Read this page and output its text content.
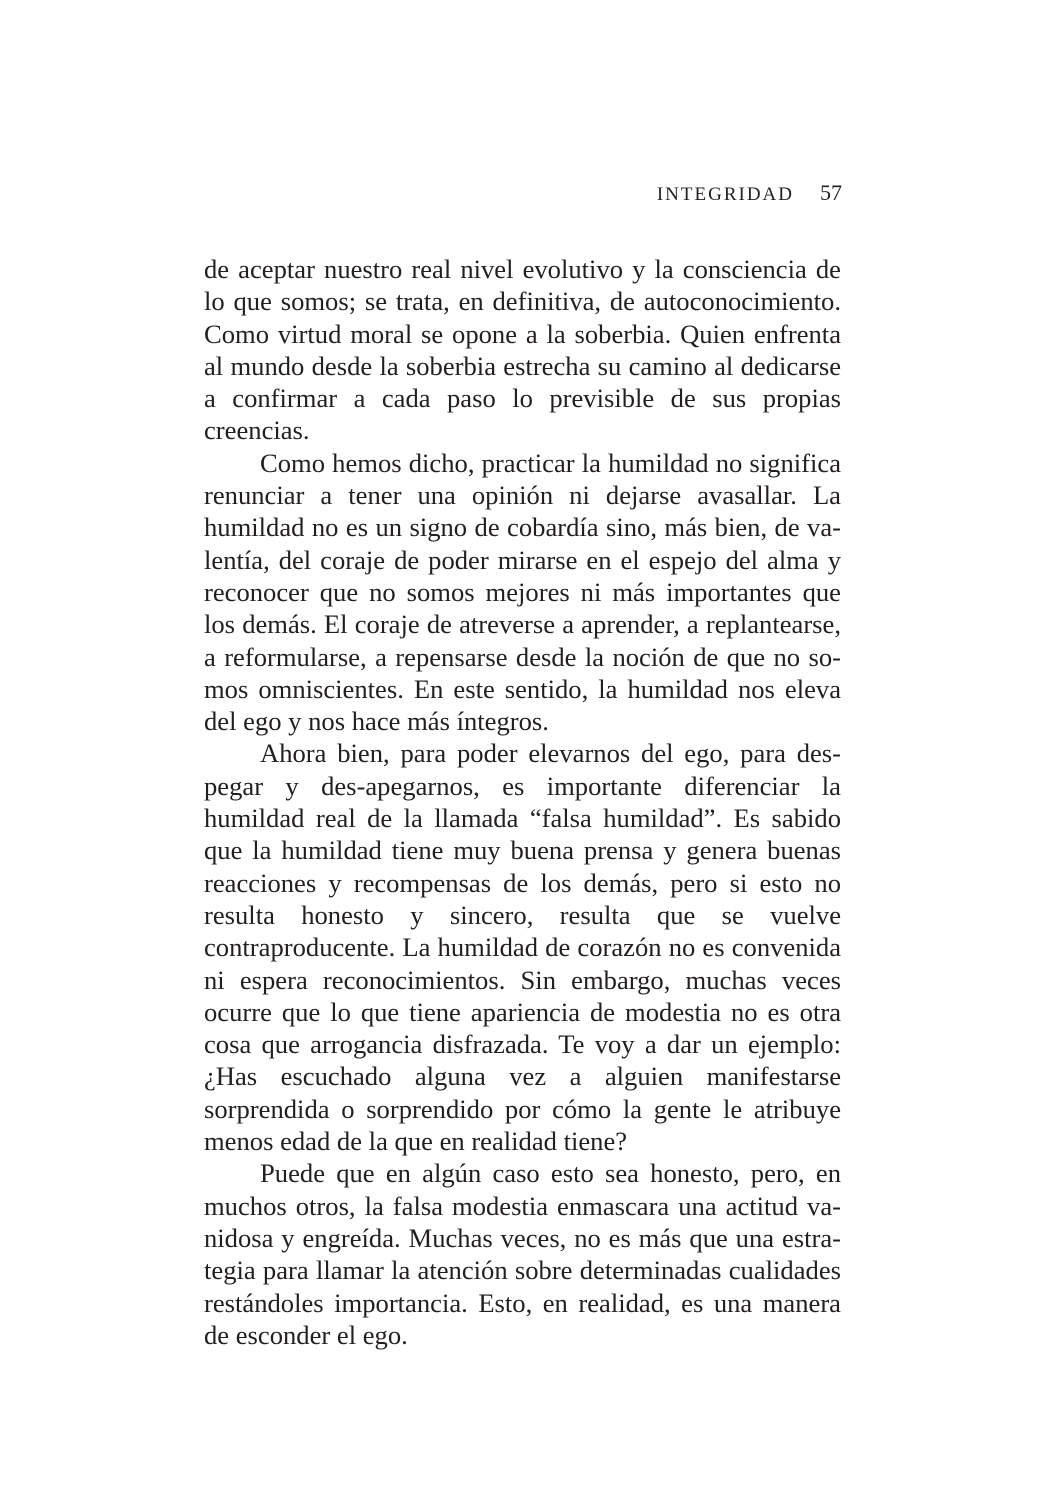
INTEGRIDAD 57

de aceptar nuestro real nivel evolutivo y la consciencia de lo que somos; se trata, en definitiva, de autoconocimiento. Como virtud moral se opone a la soberbia. Quien enfrenta al mundo desde la soberbia estrecha su camino al dedicarse a confirmar a cada paso lo previsible de sus propias creencias.

Como hemos dicho, practicar la humildad no significa renunciar a tener una opinión ni dejarse avasallar. La humildad no es un signo de cobardía sino, más bien, de valentía, del coraje de poder mirarse en el espejo del alma y reconocer que no somos mejores ni más importantes que los demás. El coraje de atreverse a aprender, a replantearse, a reformularse, a repensarse desde la noción de que no somos omniscientes. En este sentido, la humildad nos eleva del ego y nos hace más íntegros.

Ahora bien, para poder elevarnos del ego, para des-pegar y des-apegarnos, es importante diferenciar la humildad real de la llamada “falsa humildad”. Es sabido que la humildad tiene muy buena prensa y genera buenas reacciones y recompensas de los demás, pero si esto no resulta honesto y sincero, resulta que se vuelve contraproducente. La humildad de corazón no es convenida ni espera reconocimientos. Sin embargo, muchas veces ocurre que lo que tiene apariencia de modestia no es otra cosa que arrogancia disfrazada. Te voy a dar un ejemplo: ¿Has escuchado alguna vez a alguien manifestarse sorprendida o sorprendido por cómo la gente le atribuye menos edad de la que en realidad tiene?

Puede que en algún caso esto sea honesto, pero, en muchos otros, la falsa modestia enmascara una actitud vanidosa y engreída. Muchas veces, no es más que una estrategia para llamar la atención sobre determinadas cualidades restándoles importancia. Esto, en realidad, es una manera de esconder el ego.
